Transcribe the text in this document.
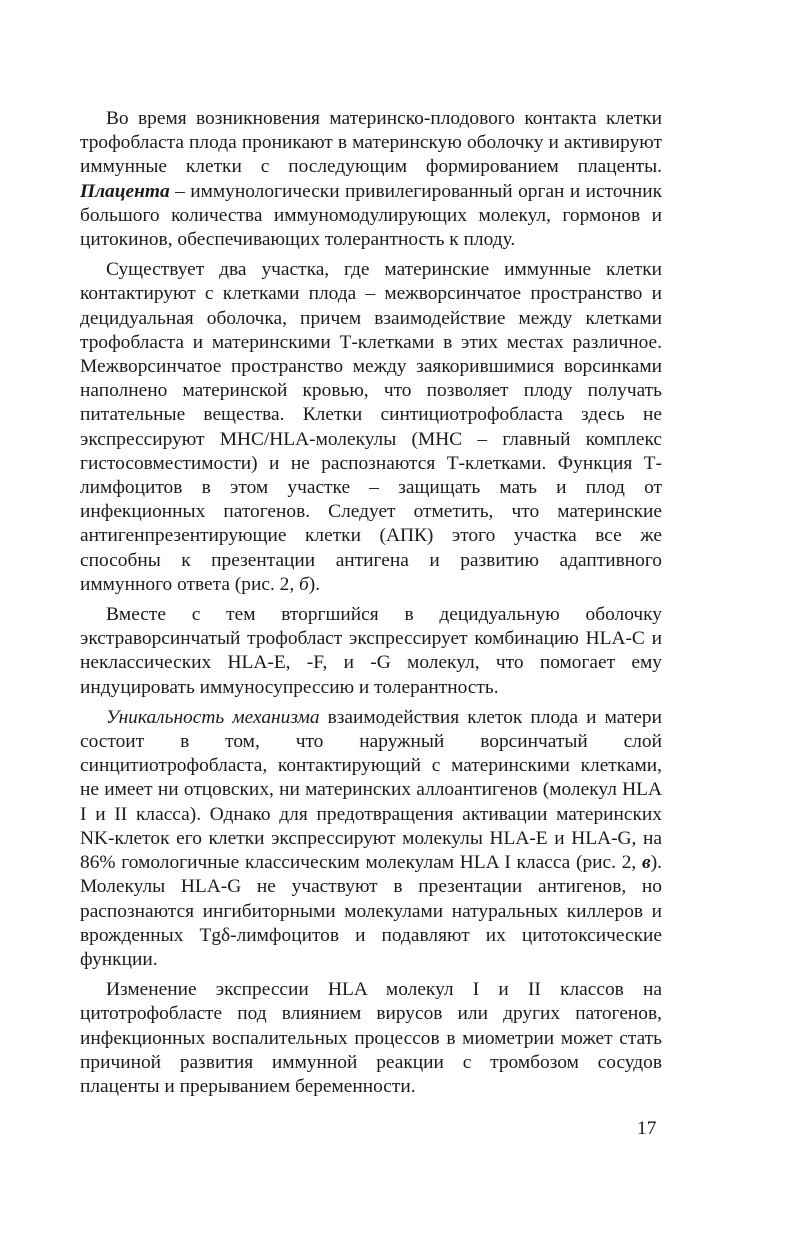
Во время возникновения материнско-плодового контакта клетки трофобласта плода проникают в материнскую оболочку и активируют иммунные клетки с последующим формированием плаценты. Плацента – иммунологически привилегированный орган и источник большого количества иммуномодулирующих молекул, гормонов и цитокинов, обеспечивающих толерантность к плоду.

Существует два участка, где материнские иммунные клетки контактируют с клетками плода – межворсинчатое пространство и децидуальная оболочка, причем взаимодействие между клетками трофобласта и материнскими Т-клетками в этих местах различное. Межворсинчатое пространство между заякорившимися ворсинками наполнено материнской кровью, что позволяет плоду получать питательные вещества. Клетки синтициотрофобласта здесь не экспрессируют MHC/HLA-молекулы (MHC – главный комплекс гистосовместимости) и не распознаются Т-клетками. Функция Т-лимфоцитов в этом участке – защищать мать и плод от инфекционных патогенов. Следует отметить, что материнские антигенпрезентирующие клетки (АПК) этого участка все же способны к презентации антигена и развитию адаптивного иммунного ответа (рис. 2, б).

Вместе с тем вторгшийся в децидуальную оболочку экстраворсинчатый трофобласт экспрессирует комбинацию HLA-C и неклассических HLA-E, -F, и -G молекул, что помогает ему индуцировать иммуносупрессию и толерантность.

Уникальность механизма взаимодействия клеток плода и матери состоит в том, что наружный ворсинчатый слой синцитиотрофобласта, контактирующий с материнскими клетками, не имеет ни отцовских, ни материнских аллоантигенов (молекул HLA I и II класса). Однако для предотвращения активации материнских NK-клеток его клетки экспрессируют молекулы HLA-E и HLA-G, на 86% гомологичные классическим молекулам HLA I класса (рис. 2, в). Молекулы HLA-G не участвуют в презентации антигенов, но распознаются ингибиторными молекулами натуральных киллеров и врожденных Tgδ-лимфоцитов и подавляют их цитотоксические функции.

Изменение экспрессии HLA молекул I и II классов на цитотрофобласте под влиянием вирусов или других патогенов, инфекционных воспалительных процессов в миометрии может стать причиной развития иммунной реакции с тромбозом сосудов плаценты и прерыванием беременности.

17
